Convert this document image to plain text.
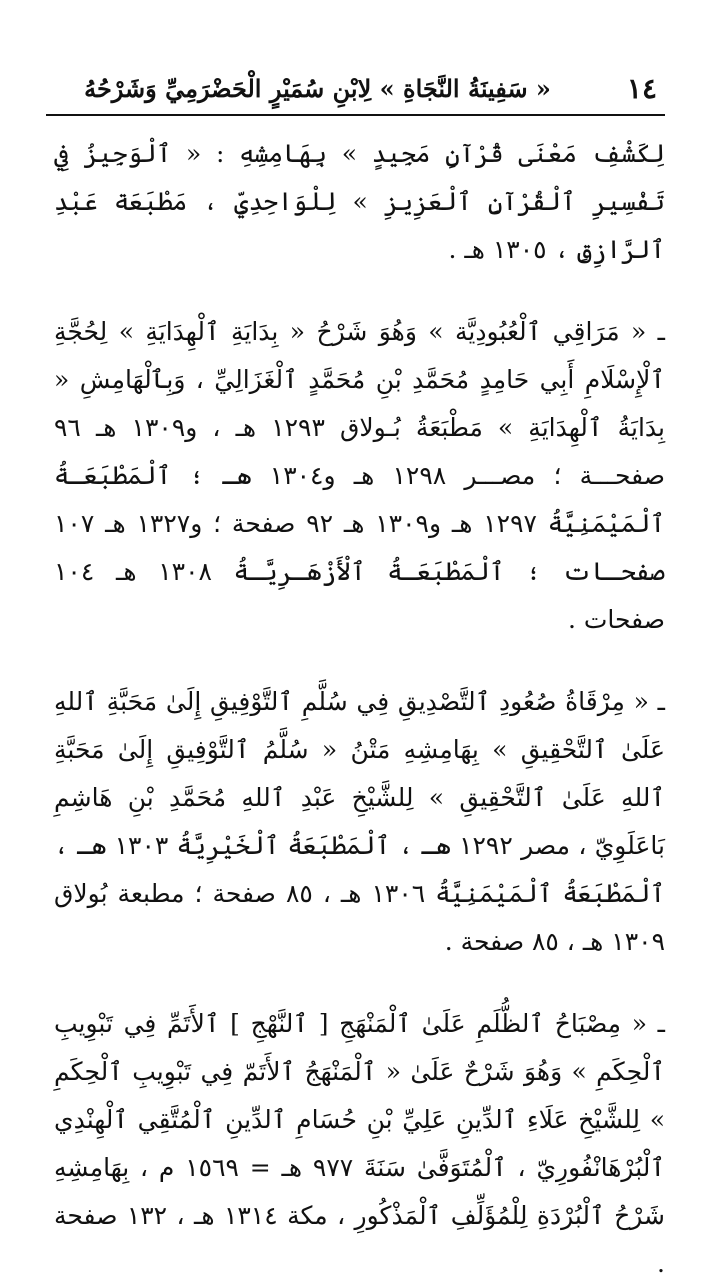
١٤
« سَفِينَةُ النَّجَاةِ » لِابْنِ سُمَيْرٍ الْحَضْرَمِيِّ وَشَرْحُهُ

لِكَشْفِ مَعْنَى قُرْآنٍ مَجِيدٍ » بِهَامِشِهِ : « ٱلْوَجِيزُ فِي تَفْسِيرِ ٱلْقُرْآنِ ٱلْعَزِيزِ » لِلْوَاحِدِيِّ ، مَطْبَعَة عَبْدِ ٱلرَّازِقِ ، ١٣٠٥ هـ .

ـ « مَرَاقِي ٱلْعُبُودِيَّة » وَهُوَ شَرْحُ « بِدَايَةِ ٱلْهِدَايَةِ » لِحُجَّةِ ٱلْإِسْلَامِ أَبِي حَامِدٍ مُحَمَّدِ بْنِ مُحَمَّدٍ ٱلْغَزَالِيِّ ، وَبِٱلْهَامِشِ « بِدَايَةُ ٱلْهِدَايَةِ » مَطْبَعَةُ بُـولاق ١٢٩٣ هـ ، و١٣٠٩ هـ ٩٦ صفحـــة ؛ مصـــر ١٢٩٨ هـ و١٣٠٤ هـ ؛ ٱلْمَطْبَعَـةُ ٱلْمَيْمَنِيَّةُ ١٢٩٧ هـ و١٣٠٩ هـ ٩٢ صفحة ؛ و١٣٢٧ هـ ١٠٧ صفحـات ؛ ٱلْمَطْبَعَـةُ ٱلْأَزْهَـرِيَّـةُ ١٣٠٨ هـ ١٠٤ صفحات .

ـ « مِرْقَاةُ صُعُودِ ٱلتَّصْدِيقِ فِي سُلَّمِ ٱلتَّوْفِيقِ إِلَىٰ مَحَبَّةِ ٱللهِ عَلَىٰ ٱلتَّحْقِيقِ » بِهَامِشِهِ مَتْنُ « سُلَّمُ ٱلتَّوْفِيقِ إِلَىٰ مَحَبَّةِ ٱللهِ عَلَىٰ ٱلتَّحْقِيقِ » لِلشَّيْخِ عَبْدِ ٱللهِ مُحَمَّدِ بْنِ هَاشِمِ بَاعَلَوِيّ ، مصر ١٢٩٢ هـ ، ٱلْمَطْبَعَةُ ٱلْخَيْرِيَّةُ ١٣٠٣ هـ ، ٱلْمَطْبَعَةُ ٱلْمَيْمَنِيَّةُ ١٣٠٦ هـ ، ٨٥ صفحة ؛ مطبعة بُولاق ١٣٠٩ هـ ، ٨٥ صفحة .

ـ « مِصْبَاحُ ٱلظُّلَمِ عَلَىٰ ٱلْمَنْهَجِ [ ٱلنَّهْجِ ] ٱلأَتَمِّ فِي تَبْوِيبِ ٱلْحِكَمِ » وَهُوَ شَرْحٌ عَلَىٰ « ٱلْمَنْهَجُ ٱلأَتَمّ فِي تَبْوِيبِ ٱلْحِكَمِ » لِلشَّيْخِ عَلَاءِ ٱلدِّينِ عَلِيِّ بْنِ حُسَامِ ٱلدِّينِ ٱلْمُتَّقِي ٱلْهِنْدِي ٱلْبُرْهَانْفُورِيّ ، ٱلْمُتَوَفَّىٰ سَنَةَ ٩٧٧ هـ = ١٥٦٩ م ، بِهَامِشِهِ شَرْحُ ٱلْبُرْدَةِ لِلْمُؤَلِّفِ ٱلْمَذْكُورِ ، مكة ١٣١٤ هـ ، ١٣٢ صفحة .
